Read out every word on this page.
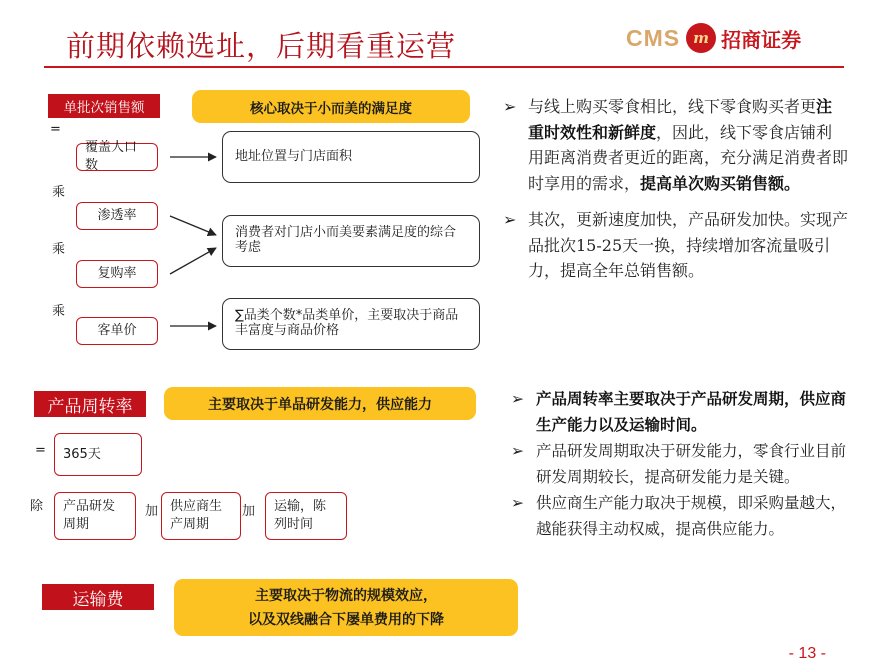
前期依赖选址，后期看重运营	CMS m 招商证券
单批次销售额	核心取决于小而美的满足度
=
乘
乘
乘
覆盖人口数
渗透率
复购率
客单价
地址位置与门店面积
消费者对门店小而美要素满足度的综合考虑
∑品类个数*品类单价，主要取决于商品丰富度与商品价格
产品周转率	主要取决于单品研发能力，供应能力
=	365天
除	产品研发周期
加 供应商生产周期
加	运输，陈列时间
运输费	主要取决于物流的规模效应，
以及双线融合下屡单费用的下降
➢ 与线上购买零食相比，线下零食购买者更注重时效性和新鲜度，因此，线下零食店铺利用距离消费者更近的距离，充分满足消费者即时享用的需求，提高单次购买销售额。
➢ 其次，更新速度加快，产品研发加快。实现产品批次15-25天一换，持续增加客流量吸引力，提高全年总销售额。
➢ 产品周转率主要取决于产品研发周期，供应商生产能力以及运输时间。
➢ 产品研发周期取决于研发能力，零食行业目前研发周期较长，提高研发能力是关键。
➢ 供应商生产能力取决于规模，即采购量越大，越能获得主动权威，提高供应能力。
- 13 -
